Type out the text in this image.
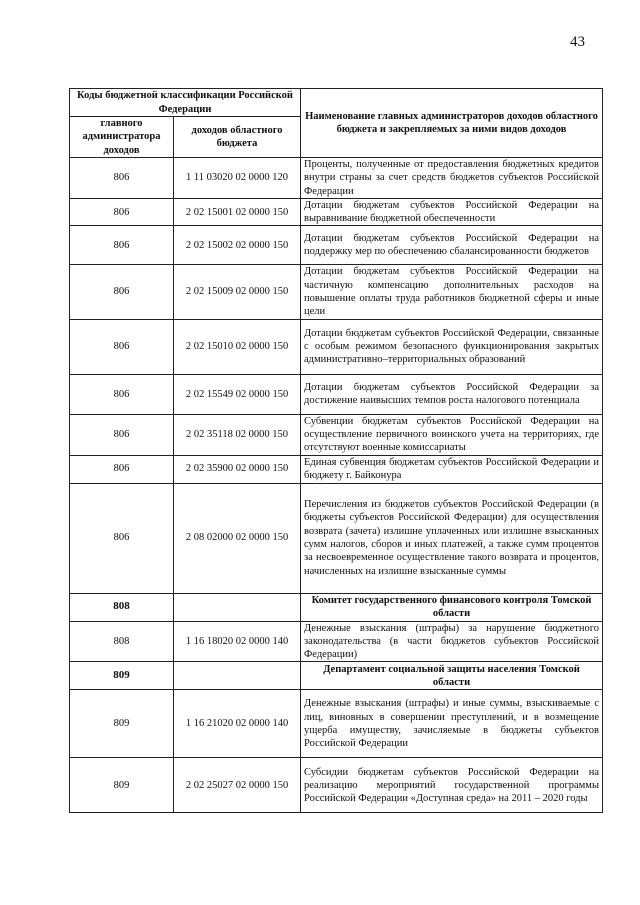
43
Коды бюджетной классификации Российской Федерации		Наименование главных администраторов доходов областного бюджета и закрепляемых за ними видов доходов
главного администратора доходов	доходов областного бюджета	
806	1 11 03020 02 0000 120	Проценты, полученные от предоставления бюджетных кредитов внутри страны за счет средств бюджетов субъектов Российской Федерации
806	2 02 15001 02 0000 150	Дотации бюджетам субъектов Российской Федерации на выравнивание бюджетной обеспеченности
806	2 02 15002 02 0000 150	Дотации бюджетам субъектов Российской Федерации на поддержку мер по обеспечению сбалансированности бюджетов
806	2 02 15009 02 0000 150	Дотации бюджетам субъектов Российской Федерации на частичную компенсацию дополнительных расходов на повышение оплаты труда работников бюджетной сферы и иные цели
806	2 02 15010 02 0000 150	Дотации бюджетам субъектов Российской Федерации, связанные с особым режимом безопасного функционирования закрытых административно–территориальных образований
806	2 02 15549 02 0000 150	Дотации бюджетам субъектов Российской Федерации за достижение наивысших темпов роста налогового потенциала
806	2 02 35118 02 0000 150	Субвенции бюджетам субъектов Российской Федерации на осуществление первичного воинского учета на территориях, где отсутствуют военные комиссариаты
806	2 02 35900 02 0000 150	Единая субвенция бюджетам субъектов Российской Федерации и бюджету г. Байконура
806	2 08 02000 02 0000 150	Перечисления из бюджетов субъектов Российской Федерации (в бюджеты субъектов Российской Федерации) для осуществления возврата (зачета) излишне уплаченных или излишне взысканных сумм налогов, сборов и иных платежей, а также сумм процентов за несвоевременное осуществление такого возврата и процентов, начисленных на излишне взысканные суммы
808		Комитет государственного финансового контроля Томской области
808	1 16 18020 02 0000 140	Денежные взыскания (штрафы) за нарушение бюджетного законодательства (в части бюджетов субъектов Российской Федерации)
809		Департамент социальной защиты населения Томской области
809	1 16 21020 02 0000 140	Денежные взыскания (штрафы) и иные суммы, взыскиваемые с лиц, виновных в совершении преступлений, и в возмещение ущерба имуществу, зачисляемые в бюджеты субъектов Российской Федерации
809	2 02 25027 02 0000 150	Субсидии бюджетам субъектов Российской Федерации на реализацию мероприятий государственной программы Российской Федерации «Доступная среда» на 2011 – 2020 годы
